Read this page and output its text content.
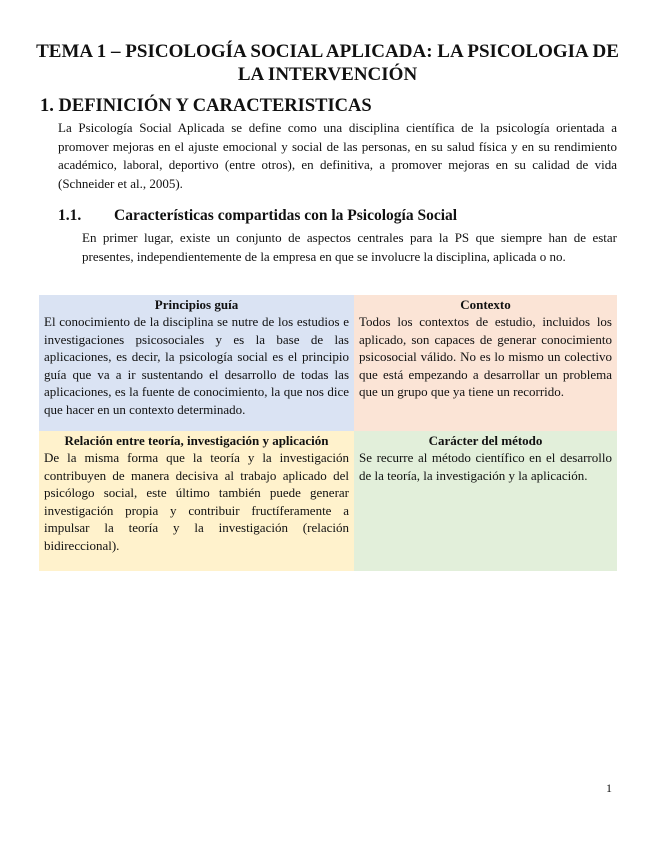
TEMA 1 – PSICOLOGÍA SOCIAL APLICADA: LA PSICOLOGIA DE LA INTERVENCIÓN
1. DEFINICIÓN Y CARACTERISTICAS

La Psicología Social Aplicada se define como una disciplina científica de la psicología orientada a promover mejoras en el ajuste emocional y social de las personas, en su salud física y en su rendimiento académico, laboral, deportivo (entre otros), en definitiva, a promover mejoras en su calidad de vida (Schneider et al., 2005).

1.1. Características compartidas con la Psicología Social

En primer lugar, existe un conjunto de aspectos centrales para la PS que siempre han de estar presentes, independientemente de la empresa en que se involucre la disciplina, aplicada o no.

Principios guía

El conocimiento de la disciplina se nutre de los estudios e investigaciones psicosociales y es la base de las aplicaciones, es decir, la psicología social es el principio guía que va a ir sustentando el desarrollo de todas las aplicaciones, es la fuente de conocimiento, la que nos dice que hacer en un contexto determinado.

Contexto

Todos los contextos de estudio, incluidos los aplicado, son capaces de generar conocimiento psicosocial válido. No es lo mismo un colectivo que está empezando a desarrollar un problema que un grupo que ya tiene un recorrido.

Relación entre teoría, investigación y aplicación

De la misma forma que la teoría y la investigación contribuyen de manera decisiva al trabajo aplicado del psicólogo social, este último también puede generar investigación propia y contribuir fructíferamente a impulsar la teoría y la investigación (relación bidireccional).

Carácter del método

Se recurre al método científico en el desarrollo de la teoría, la investigación y la aplicación.

1
